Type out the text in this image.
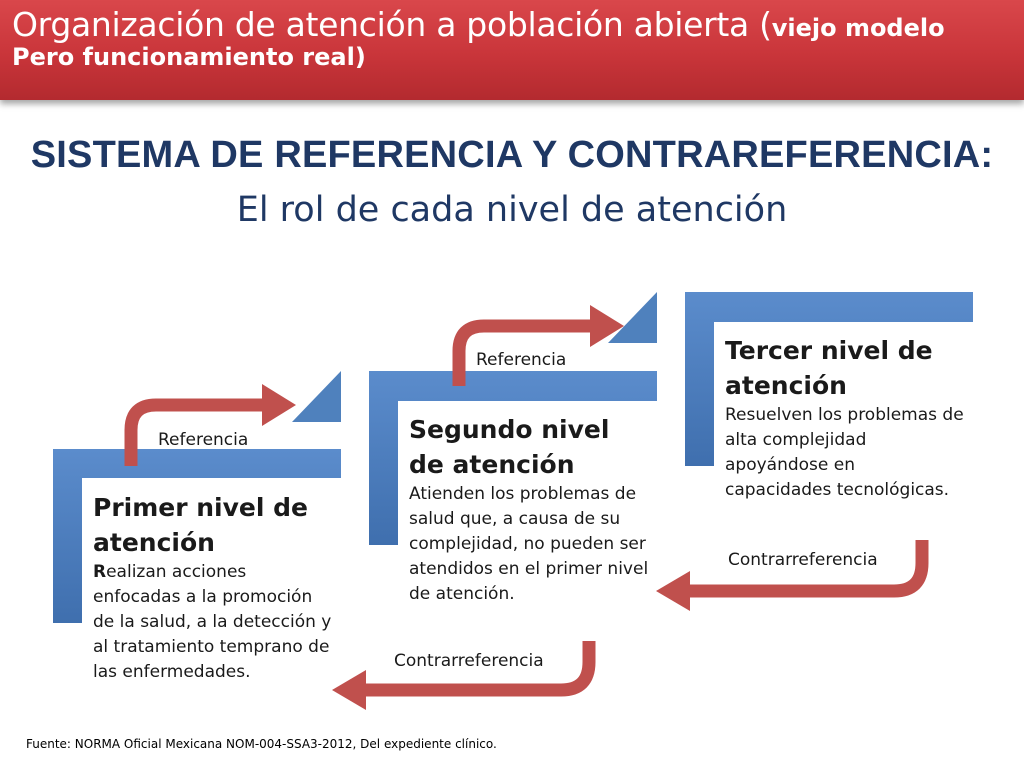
Organización de atención a población abierta (viejo modelo
Pero funcionamiento real)
SISTEMA DE REFERENCIA Y CONTRAREFERENCIA:
El rol de cada nivel de atención
Primer nivel de atención
Realizan acciones enfocadas a la promoción de la salud, a la detección y al tratamiento temprano de las enfermedades.
Segundo nivel de atención
Atienden los problemas de salud que, a causa de su complejidad, no pueden ser atendidos en el primer nivel de atención.
Tercer nivel de atención
Resuelven los problemas de alta complejidad apoyándose en capacidades tecnológicas.
Referencia
Referencia
Contrarreferencia
Contrarreferencia
Fuente: NORMA Oficial Mexicana NOM-004-SSA3-2012, Del expediente clínico.
